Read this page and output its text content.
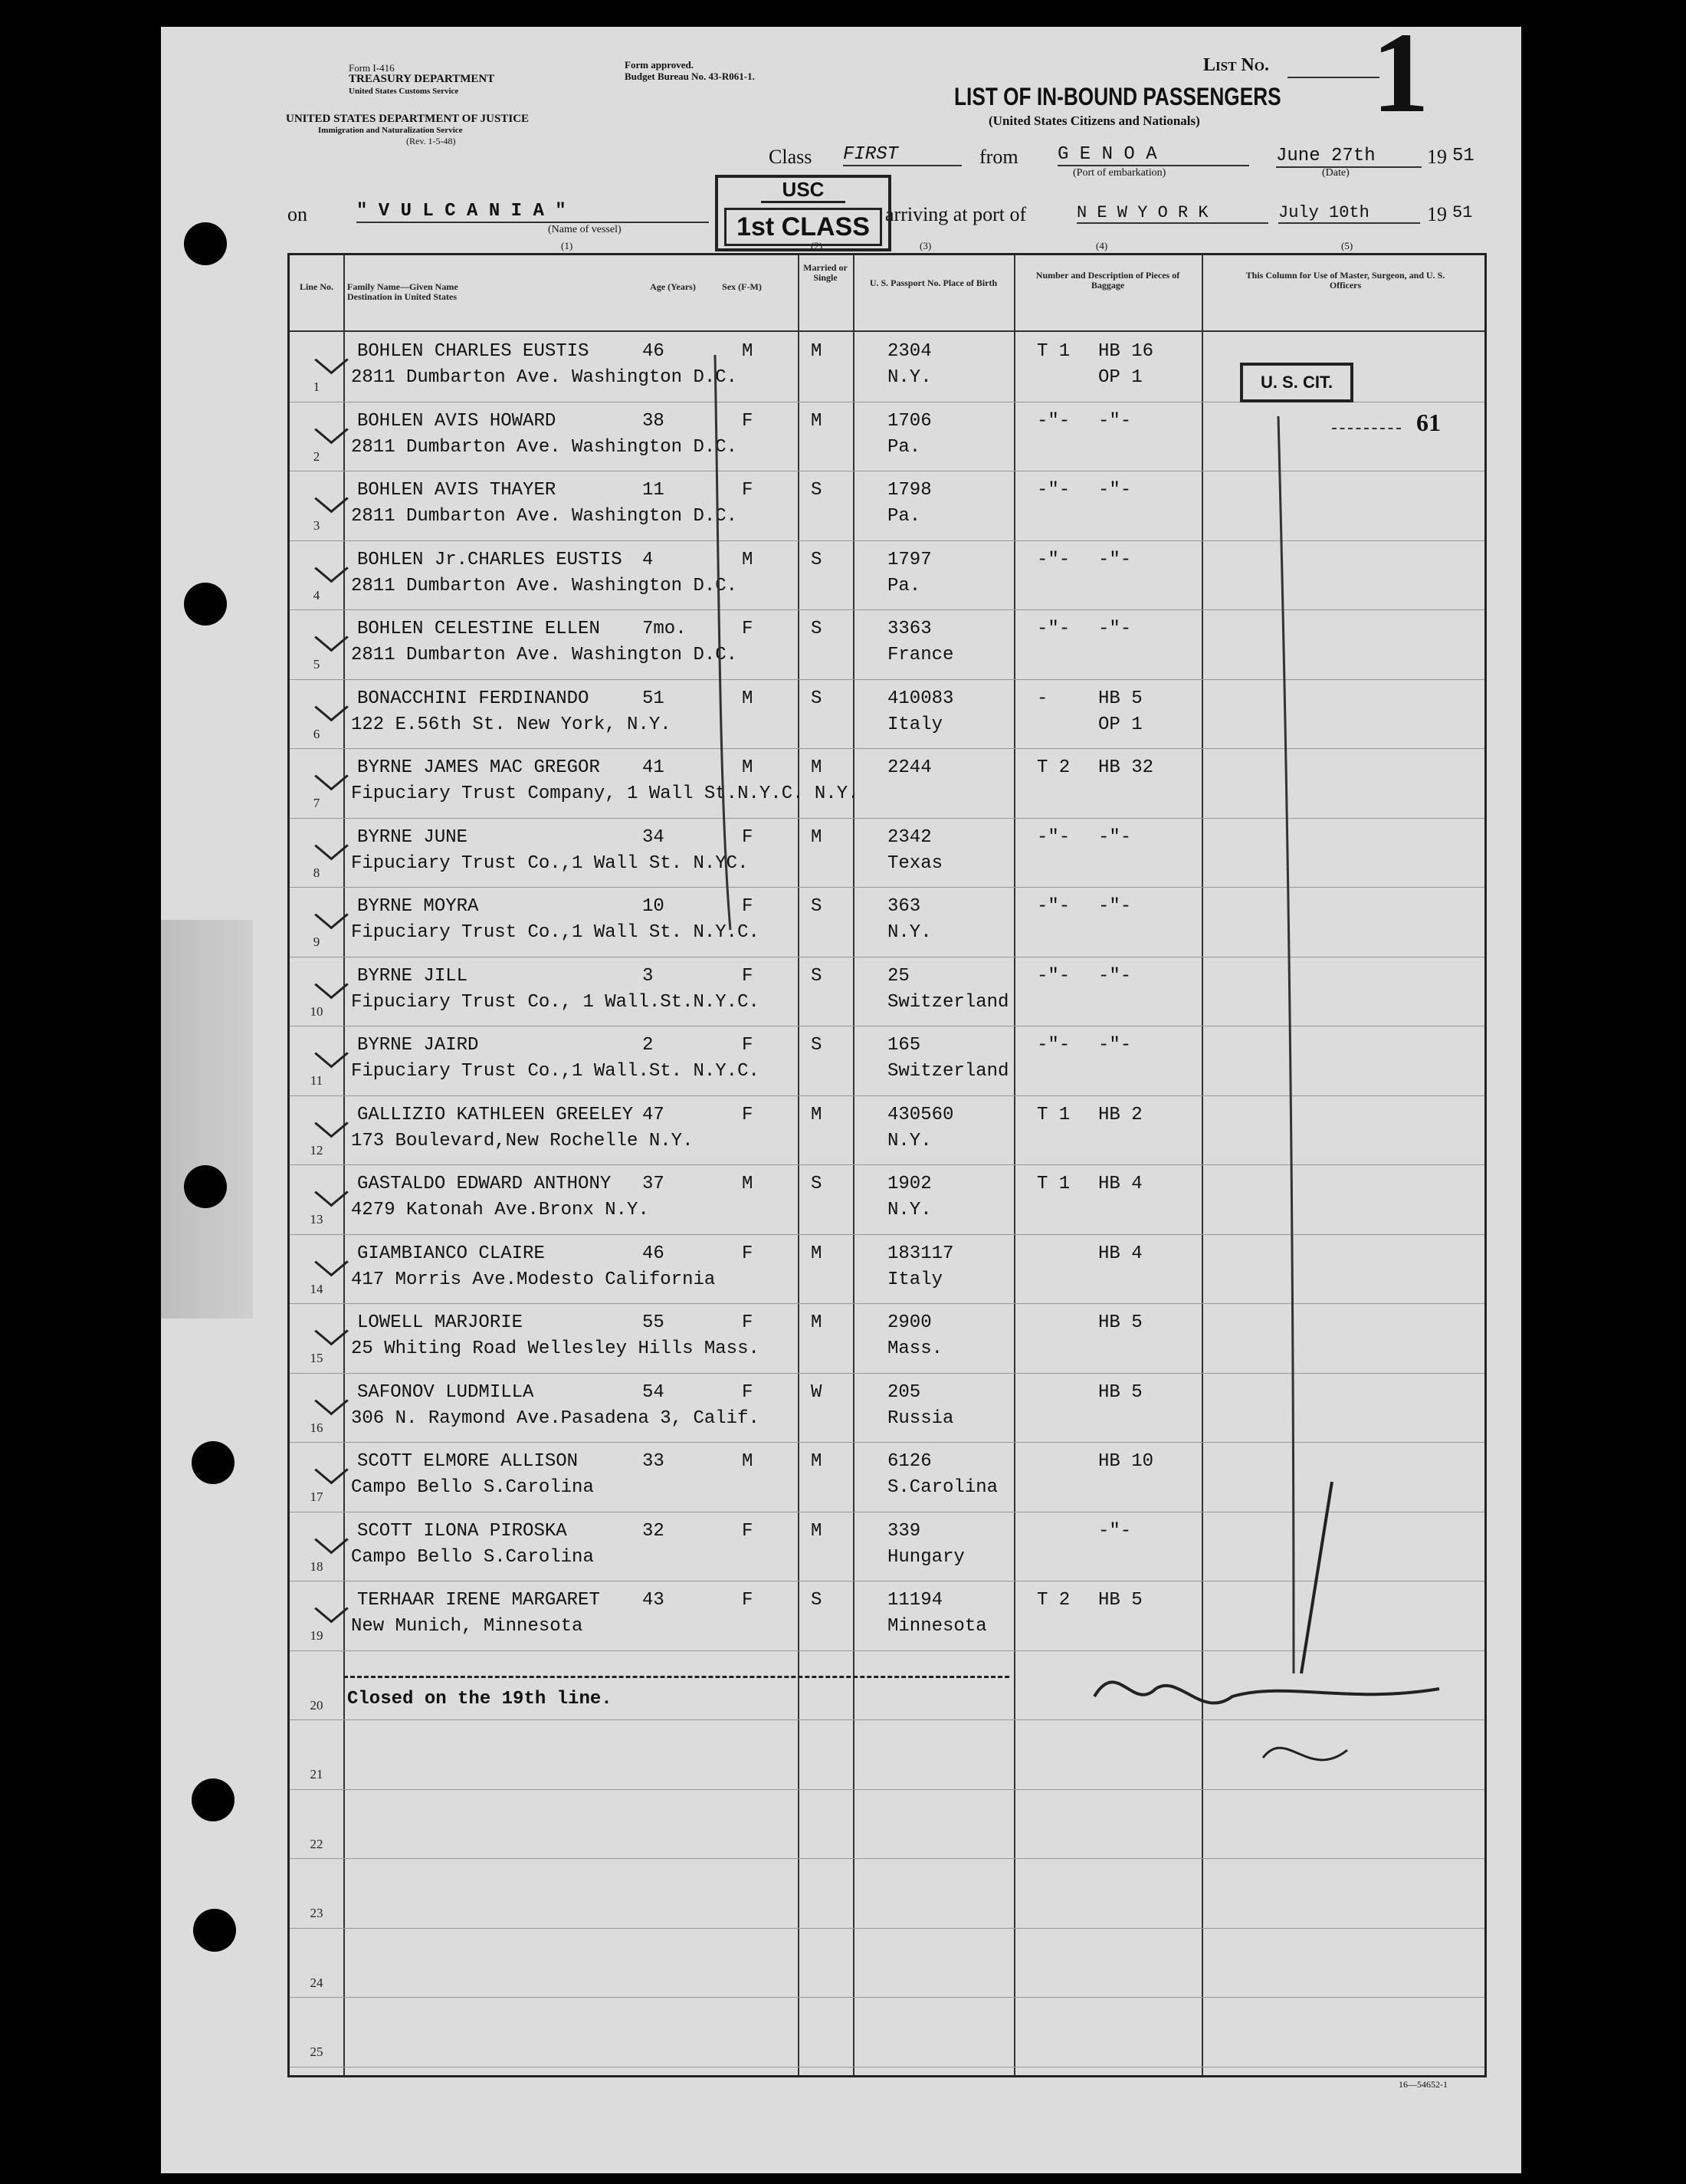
Form I-416
TREASURY DEPARTMENT
United States Customs Service
UNITED STATES DEPARTMENT OF JUSTICE
Immigration and Naturalization Service
(Rev. 1-5-48)
Form approved.
Budget Bureau No. 43-R061-1.
List No. 1
LIST OF IN-BOUND PASSENGERS
(United States Citizens and Nationals)
Class FIRST	from G E N O A
(Port of embarkation)
June 27th
(Date)
19 51
on	" V U L C A N I A "
(Name of vessel)
arriving at port of	N E W Y O R K	July 10th	19 51
(1)	(2)	(3)	(4)	(5)
USC
1st CLASS
Line No.	Family Name—Given Name Destination in United States
Age (Years)	Sex (F-M)
Married or Single	U. S. Passport No. Place of Birth
Number and Description of Pieces of Baggage
This Column for Use of Master, Surgeon, and U. S. Officers
1
BOHLEN CHARLES EUSTIS	46	M	M	2304	T 1 HB 16
2811 Dumbarton Ave. Washington D.C.	N.Y.	OP 1
2
BOHLEN AVIS HOWARD	38	F	M	1706	-"- -"-
2811 Dumbarton Ave. Washington D.C.	Pa.
3
BOHLEN AVIS THAYER	11	F	S	1798	-"- -"-
2811 Dumbarton Ave. Washington D.C.	Pa.
4
BOHLEN Jr.CHARLES EUSTIS 4	M	S	1797	-"- -"-
2811 Dumbarton Ave. Washington D.C.	Pa.
5
BOHLEN CELESTINE ELLEN 7mo.	F	S	3363	-"- -"-
2811 Dumbarton Ave. Washington D.C.	France
6
BONACCHINI FERDINANDO	51	M	S	410083	-	HB 5
122 E.56th St. New York, N.Y.	Italy	OP 1
7
BYRNE JAMES MAC GREGOR 41	M	M	2244	T 2 HB 32
Fipuciary Trust Company, 1 Wall St.N.Y.C. N.Y.
8
BYRNE JUNE	34	F	M	2342	-"- -"-
Fipuciary Trust Co.,1 Wall St. N.YC.	Texas
9
BYRNE MOYRA	10	F	S	363	-"- -"-
Fipuciary Trust Co.,1 Wall St. N.Y.C.	N.Y.
10
BYRNE JILL	3	F	S	25	-"- -"-
Fipuciary Trust Co., 1 Wall.St.N.Y.C.	Switzerland
11
BYRNE JAIRD	2	F	S	165	-"- -"-
Fipuciary Trust Co.,1 Wall.St. N.Y.C.	Switzerland
12
GALLIZIO KATHLEEN GREELEY 47	F	M	430560	T 1 HB 2
173 Boulevard,New Rochelle N.Y.	N.Y.
13
GASTALDO EDWARD ANTHONY 37	M	S	1902	T 1 HB 4
4279 Katonah Ave.Bronx N.Y.	N.Y.
14
GIAMBIANCO CLAIRE	46	F	M	183117	HB 4
417 Morris Ave.Modesto California	Italy
15
LOWELL MARJORIE	55	F	M	2900	HB 5
25 Whiting Road Wellesley Hills Mass.	Mass.
16
SAFONOV LUDMILLA	54	F	W	205	HB 5
306 N. Raymond Ave.Pasadena 3, Calif.	Russia
17
SCOTT ELMORE ALLISON	33	M	M	6126	HB 10
Campo Bello S.Carolina	S.Carolina
18
SCOTT ILONA PIROSKA	32	F	M	339	-"-
Campo Bello S.Carolina	Hungary
19
TERHAAR IRENE MARGARET 43	F	S	11194	T 2 HB 5
New Munich, Minnesota	Minnesota
20
21
22
23
24
25
U. S. CIT.
61
Closed on the 19th line.
16—54652-1
